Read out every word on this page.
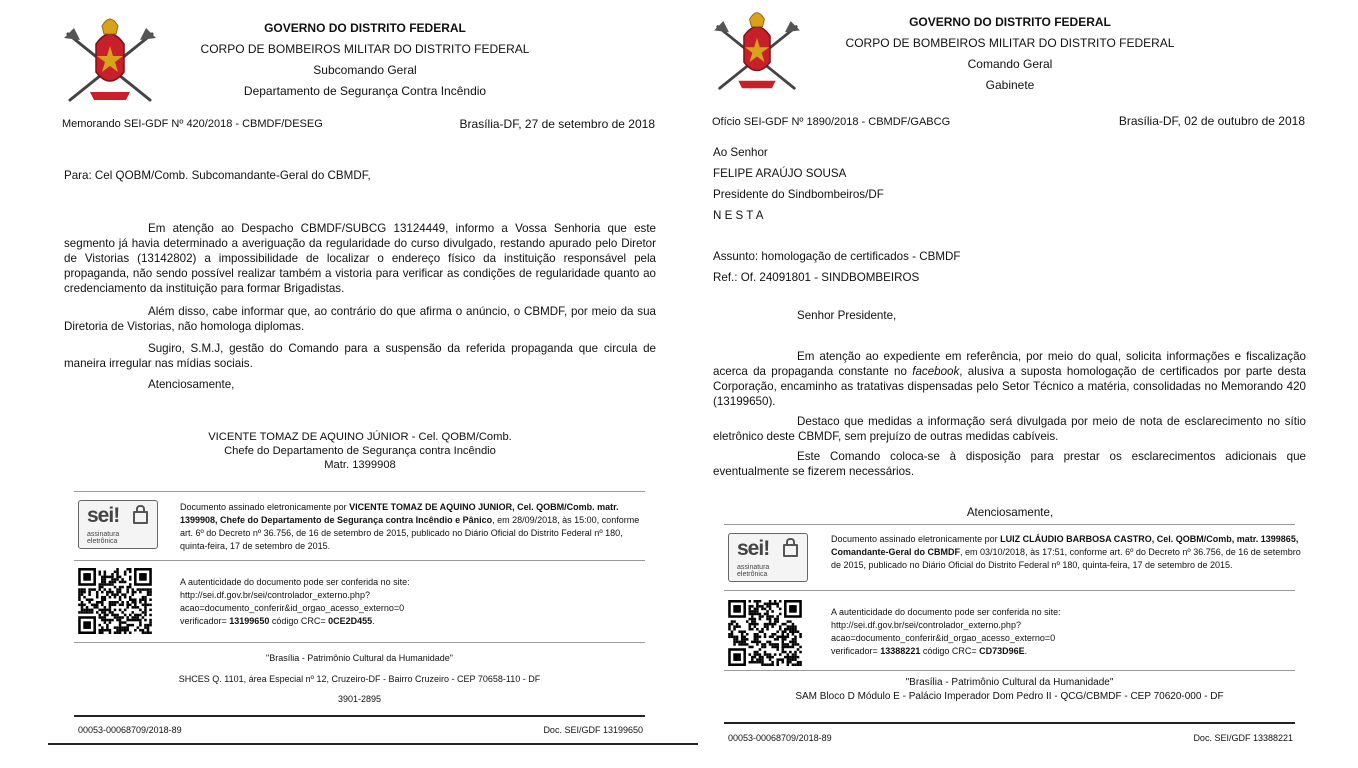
GOVERNO DO DISTRITO FEDERAL
CORPO DE BOMBEIROS MILITAR DO DISTRITO FEDERAL
Subcomando Geral
Departamento de Segurança Contra Incêndio
Memorando SEI-GDF Nº 420/2018 - CBMDF/DESEG	Brasília-DF, 27 de setembro de 2018
Para: Cel QOBM/Comb. Subcomandante-Geral do CBMDF,
Em atenção ao Despacho CBMDF/SUBCG 13124449, informo a Vossa Senhoria que este segmento já havia determinado a averiguação da regularidade do curso divulgado, restando apurado pelo Diretor de Vistorias (13142802) a impossibilidade de localizar o endereço físico da instituição responsável pela propaganda, não sendo possível realizar também a vistoria para verificar as condições de regularidade quanto ao credenciamento da instituição para formar Brigadistas.
Além disso, cabe informar que, ao contrário do que afirma o anúncio, o CBMDF, por meio da sua Diretoria de Vistorias, não homologa diplomas.
Sugiro, S.M.J, gestão do Comando para a suspensão da referida propaganda que circula de maneira irregular nas mídias sociais.
Atenciosamente,
VICENTE TOMAZ DE AQUINO JÚNIOR - Cel. QOBM/Comb.
Chefe do Departamento de Segurança contra Incêndio
Matr. 1399908
sei!
assinatura
eletrônica
Documento assinado eletronicamente por VICENTE TOMAZ DE AQUINO JUNIOR, Cel. QOBM/Comb. matr. 1399908, Chefe do Departamento de Segurança contra Incêndio e Pânico, em 28/09/2018, às 15:00, conforme art. 6º do Decreto nº 36.756, de 16 de setembro de 2015, publicado no Diário Oficial do Distrito Federal nº 180, quinta-feira, 17 de setembro de 2015.
A autenticidade do documento pode ser conferida no site:
http://sei.df.gov.br/sei/controlador_externo.php?
acao=documento_conferir&id_orgao_acesso_externo=0
verificador= 13199650 código CRC= 0CE2D455.
"Brasília - Patrimônio Cultural da Humanidade"
SHCES Q. 1101, área Especial nº 12, Cruzeiro-DF - Bairro Cruzeiro - CEP 70658-110 - DF
3901-2895
00053-00068709/2018-89	Doc. SEI/GDF 13199650
GOVERNO DO DISTRITO FEDERAL
CORPO DE BOMBEIROS MILITAR DO DISTRITO FEDERAL
Comando Geral
Gabinete
Ofício SEI-GDF Nº 1890/2018 - CBMDF/GABCG	Brasília-DF, 02 de outubro de 2018
Ao Senhor
FELIPE ARAÚJO SOUSA
Presidente do Sindbombeiros/DF
N E S T A
Assunto: homologação de certificados - CBMDF
Ref.: Of. 24091801 - SINDBOMBEIROS
Senhor Presidente,
Em atenção ao expediente em referência, por meio do qual, solicita informações e fiscalização acerca da propaganda constante no facebook, alusiva a suposta homologação de certificados por parte desta Corporação, encaminho as tratativas dispensadas pelo Setor Técnico a matéria, consolidadas no Memorando 420 (13199650).
Destaco que medidas a informação será divulgada por meio de nota de esclarecimento no sítio eletrônico deste CBMDF, sem prejuízo de outras medidas cabíveis.
Este Comando coloca-se à disposição para prestar os esclarecimentos adicionais que eventualmente se fizerem necessários.
Atenciosamente,
sei!
assinatura
eletrônica
Documento assinado eletronicamente por LUIZ CLÁUDIO BARBOSA CASTRO, Cel. QOBM/Comb, matr. 1399865, Comandante-Geral do CBMDF, em 03/10/2018, às 17:51, conforme art. 6º do Decreto nº 36.756, de 16 de setembro de 2015, publicado no Diário Oficial do Distrito Federal nº 180, quinta-feira, 17 de setembro de 2015.
A autenticidade do documento pode ser conferida no site:
http://sei.df.gov.br/sei/controlador_externo.php?
acao=documento_conferir&id_orgao_acesso_externo=0
verificador= 13388221 código CRC= CD73D96E.
"Brasília - Patrimônio Cultural da Humanidade"
SAM Bloco D Módulo E - Palácio Imperador Dom Pedro II - QCG/CBMDF - CEP 70620-000 - DF
00053-00068709/2018-89	Doc. SEI/GDF 13388221
